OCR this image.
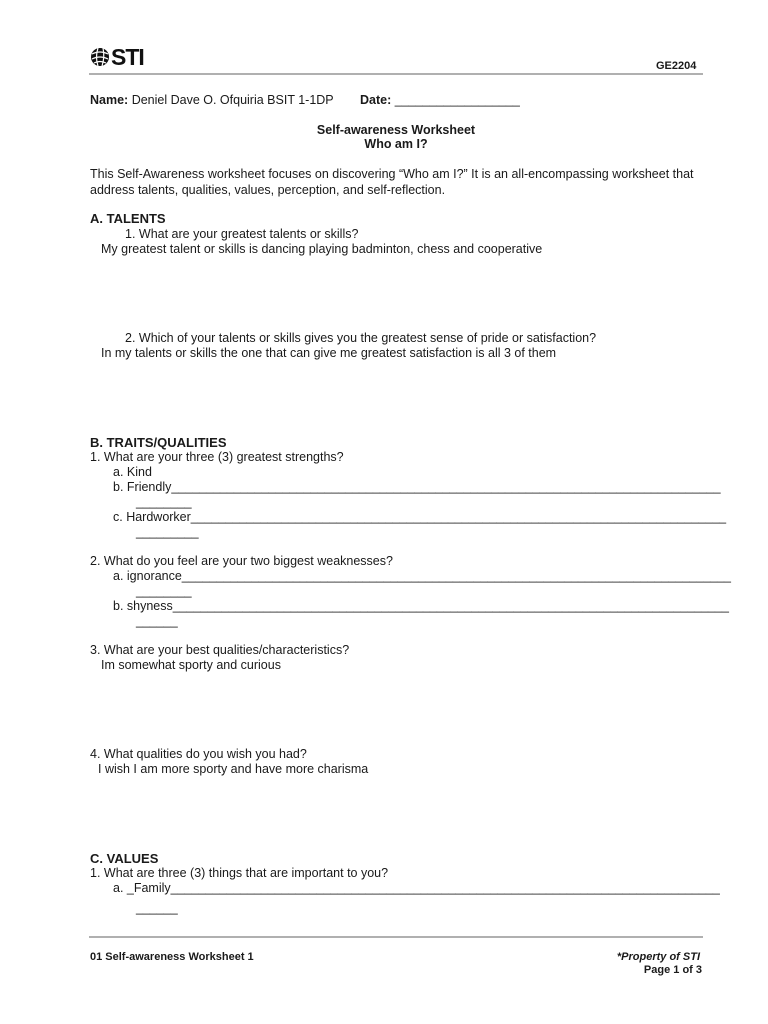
STI	GE2204
Name: Deniel Dave O. Ofquiria BSIT 1-1DP Date: __________________
Self-awareness Worksheet
Who am I?
This Self-Awareness worksheet focuses on discovering “Who am I?” It is an all-encompassing worksheet that
address talents, qualities, values, perception, and self-reflection.
A. TALENTS
1. What are your greatest talents or skills?
My greatest talent or skills is dancing playing badminton, chess and cooperative
2. Which of your talents or skills gives you the greatest sense of pride or satisfaction?
In my talents or skills the one that can give me greatest satisfaction is all 3 of them
B. TRAITS/QUALITIES
1. What are your three (3) greatest strengths?
a. Kind
b. Friendly_______________________________________________________________________________
________
c. Hardworker_____________________________________________________________________________
_________
2. What do you feel are your two biggest weaknesses?
a. ignorance_______________________________________________________________________________
________
b. shyness________________________________________________________________________________
______
3. What are your best qualities/characteristics?
Im somewhat sporty and curious
4. What qualities do you wish you had?
I wish I am more sporty and have more charisma
C. VALUES
1. What are three (3) things that are important to you?
a. _Family_______________________________________________________________________________
______
01 Self-awareness Worksheet 1	*Property of STI
Page 1 of 3
